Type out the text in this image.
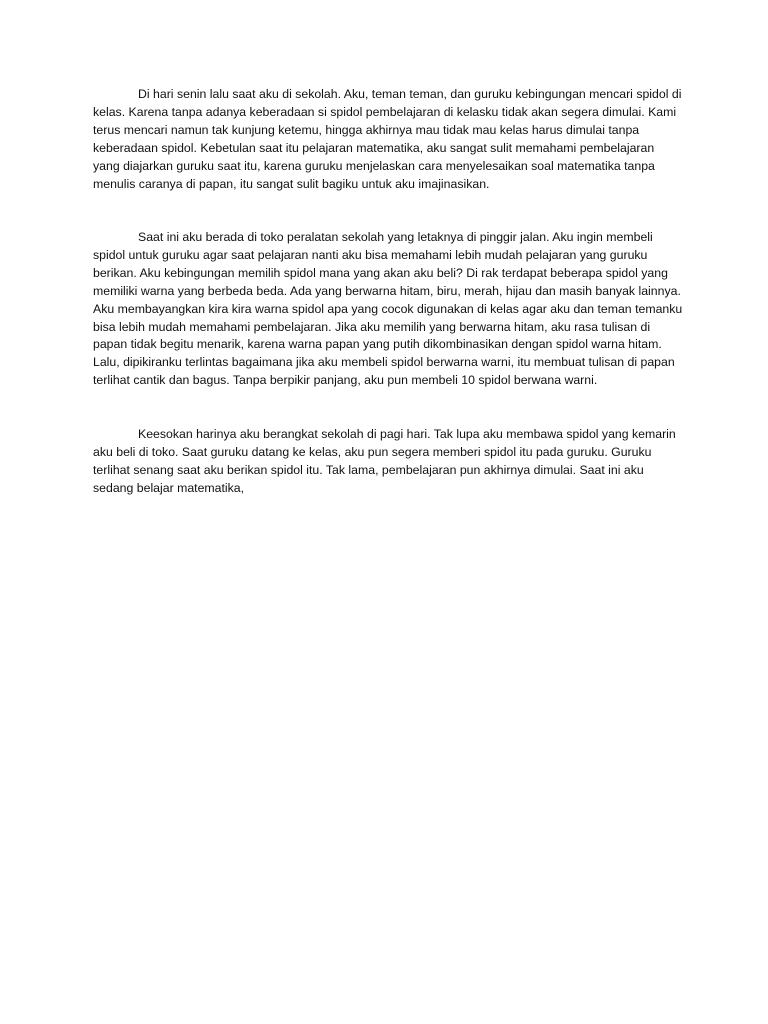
Di hari senin lalu saat aku di sekolah. Aku, teman teman, dan guruku kebingungan mencari spidol di kelas. Karena tanpa adanya keberadaan si spidol pembelajaran di kelasku tidak akan segera dimulai. Kami terus mencari namun tak kunjung ketemu, hingga akhirnya mau tidak mau kelas harus dimulai tanpa keberadaan spidol. Kebetulan saat itu pelajaran matematika, aku sangat sulit memahami pembelajaran yang diajarkan guruku saat itu, karena guruku menjelaskan cara menyelesaikan soal matematika tanpa menulis caranya di papan, itu sangat sulit bagiku untuk aku imajinasikan.

Saat ini aku berada di toko peralatan sekolah yang letaknya di pinggir jalan. Aku ingin membeli spidol untuk guruku agar saat pelajaran nanti aku bisa memahami lebih mudah pelajaran yang guruku berikan. Aku kebingungan memilih spidol mana yang akan aku beli? Di rak terdapat beberapa spidol yang memiliki warna yang berbeda beda. Ada yang berwarna hitam, biru, merah, hijau dan masih banyak lainnya. Aku membayangkan kira kira warna spidol apa yang cocok digunakan di kelas agar aku dan teman temanku bisa lebih mudah memahami pembelajaran. Jika aku memilih yang berwarna hitam, aku rasa tulisan di papan tidak begitu menarik, karena warna papan yang putih dikombinasikan dengan spidol warna hitam. Lalu, dipikiranku terlintas bagaimana jika aku membeli spidol berwarna warni, itu membuat tulisan di papan terlihat cantik dan bagus. Tanpa berpikir panjang, aku pun membeli 10 spidol berwana warni.

Keesokan harinya aku berangkat sekolah di pagi hari. Tak lupa aku membawa spidol yang kemarin aku beli di toko. Saat guruku datang ke kelas, aku pun segera memberi spidol itu pada guruku. Guruku terlihat senang saat aku berikan spidol itu. Tak lama, pembelajaran pun akhirnya dimulai. Saat ini aku sedang belajar matematika,
